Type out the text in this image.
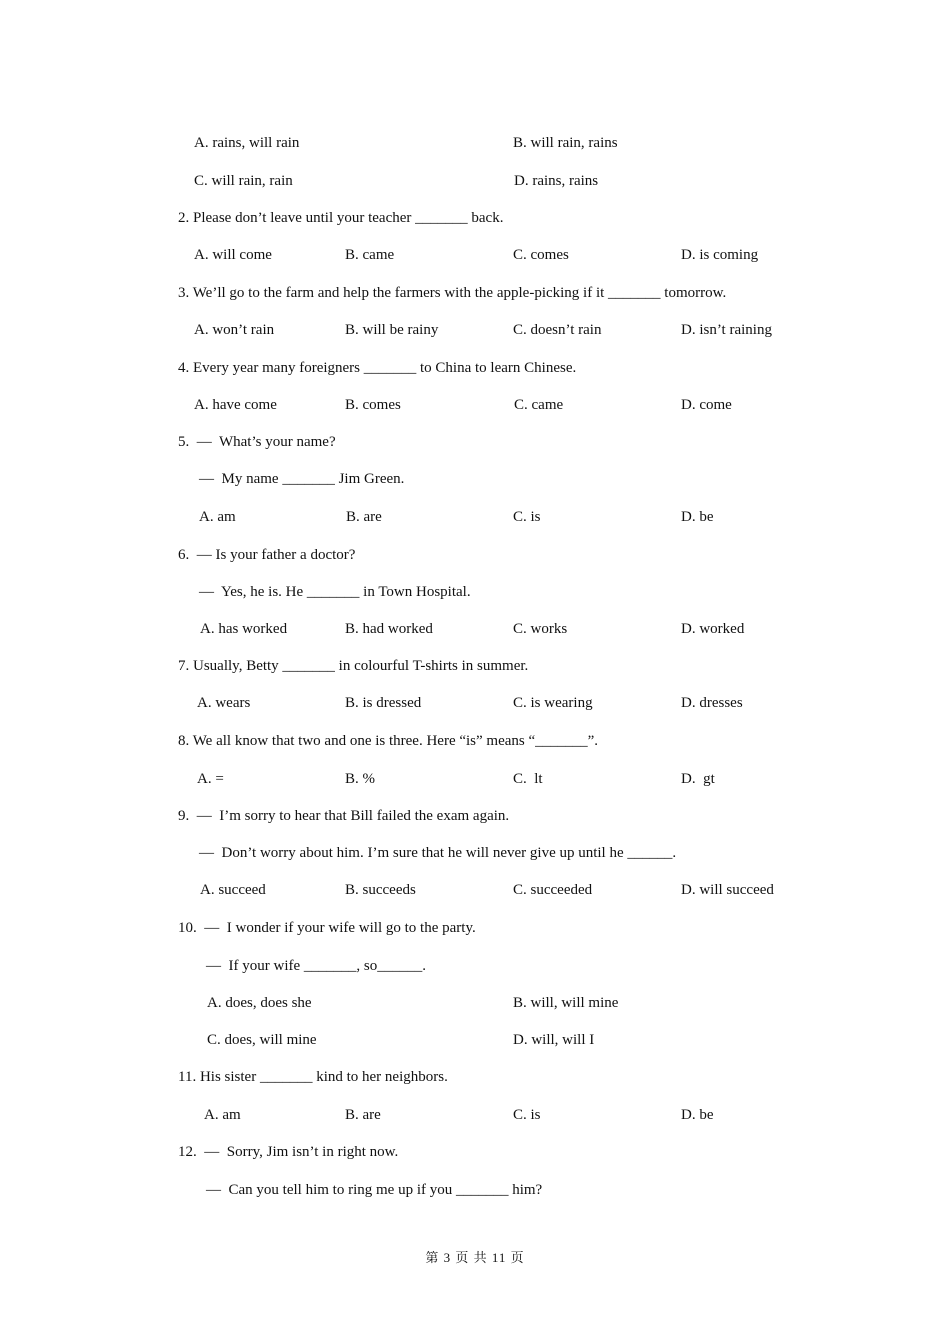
A. rains, will rain	B. will rain, rains
C. will rain, rain	D. rains, rains
2. Please don’t leave until your teacher _______ back.
A. will come	B. came	C. comes	D. is coming
3. We’ll go to the farm and help the farmers with the apple-picking if it _______ tomorrow.
A. won’t rain	B. will be rainy	C. doesn’t rain	D. isn’t raining
4. Every year many foreigners _______ to China to learn Chinese.
A. have come	B. comes	C. came	D. come
5.  —  What’s your name?
—  My name _______ Jim Green.
A. am	B. are	C. is	D. be
6.  — Is your father a doctor?
—  Yes, he is. He _______ in Town Hospital.
A. has worked	B. had worked	C. works	D. worked
7. Usually, Betty _______ in colourful T-shirts in summer.
A. wears	B. is dressed	C. is wearing	D. dresses
8. We all know that two and one is three. Here “is” means “_______”.
A. =	B. %	C.  lt	D.  gt
9.  —  I’m sorry to hear that Bill failed the exam again.
—  Don’t worry about him. I’m sure that he will never give up until he ______.
A. succeed	B. succeeds	C. succeeded	D. will succeed
10.  —  I wonder if your wife will go to the party.
—  If your wife _______, so______.
A. does, does she	B. will, will mine
C. does, will mine	D. will, will I
11. His sister _______ kind to her neighbors.
A. am	B. are	C. is	D. be
12.  —  Sorry, Jim isn’t in right now.
—  Can you tell him to ring me up if you _______ him?
第 3 页 共 11 页
